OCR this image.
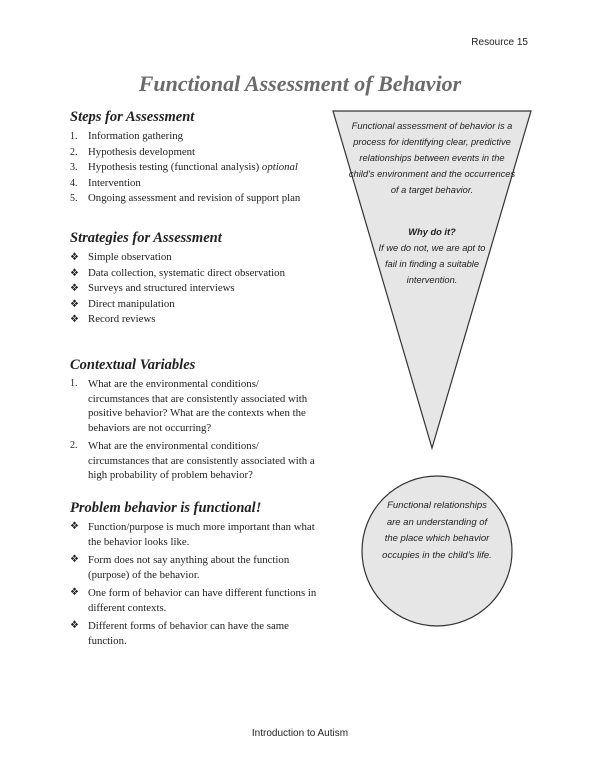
Resource 15
Functional Assessment of Behavior
Steps for Assessment
1. Information gathering
2. Hypothesis development
3. Hypothesis testing (functional analysis) optional
4. Intervention
5. Ongoing assessment and revision of support plan
Strategies for Assessment
❖ Simple observation
❖ Data collection, systematic direct observation
❖ Surveys and structured interviews
❖ Direct manipulation
❖ Record reviews
Contextual Variables
1. What are the environmental conditions/ circumstances that are consistently associated with positive behavior? What are the contexts when the behaviors are not occurring?
2. What are the environmental conditions/ circumstances that are consistently associated with a high probability of problem behavior?
Problem behavior is functional!
❖ Function/purpose is much more important than what the behavior looks like.
❖ Form does not say anything about the function (purpose) of the behavior.
❖ One form of behavior can have different functions in different contexts.
❖ Different forms of behavior can have the same function.
Functional assessment of behavior is a process for identifying clear, predictive relationships between events in the child’s environment and the occurrences of a target behavior.
Why do it?
If we do not, we are apt to fail in finding a suitable intervention.
Functional relationships are an understanding of the place which behavior occupies in the child’s life.
Introduction to Autism
